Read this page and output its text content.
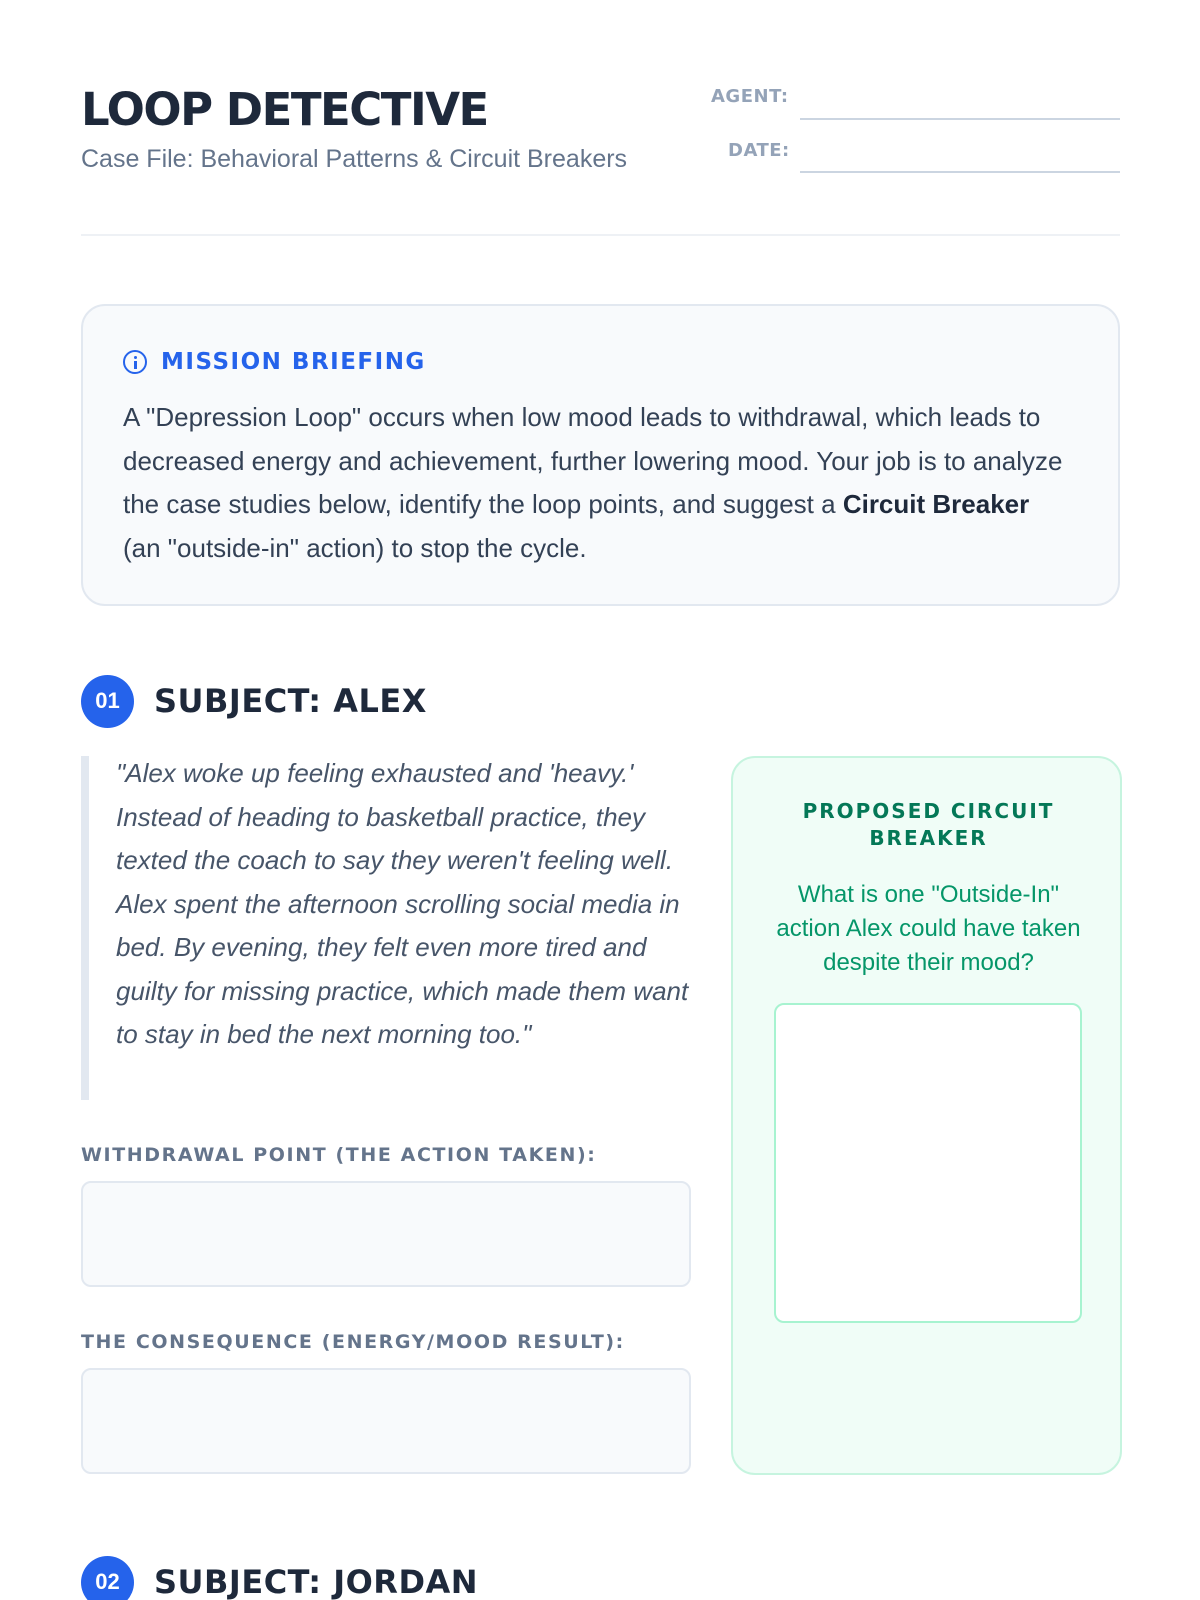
LOOP DETECTIVE
Case File: Behavioral Patterns & Circuit Breakers
AGENT:
DATE:
MISSION BRIEFING

A "Depression Loop" occurs when low mood leads to withdrawal, which leads to decreased energy and achievement, further lowering mood. Your job is to analyze the case studies below, identify the loop points, and suggest a Circuit Breaker (an "outside-in" action) to stop the cycle.

01	SUBJECT: ALEX

"Alex woke up feeling exhausted and 'heavy.' Instead of heading to basketball practice, they texted the coach to say they weren't feeling well. Alex spent the afternoon scrolling social media in bed. By evening, they felt even more tired and guilty for missing practice, which made them want to stay in bed the next morning too."

WITHDRAWAL POINT (THE ACTION TAKEN):
THE CONSEQUENCE (ENERGY/MOOD RESULT):
PROPOSED CIRCUIT BREAKER
What is one "Outside-In" action Alex could have taken despite their mood?
02	SUBJECT: JORDAN
